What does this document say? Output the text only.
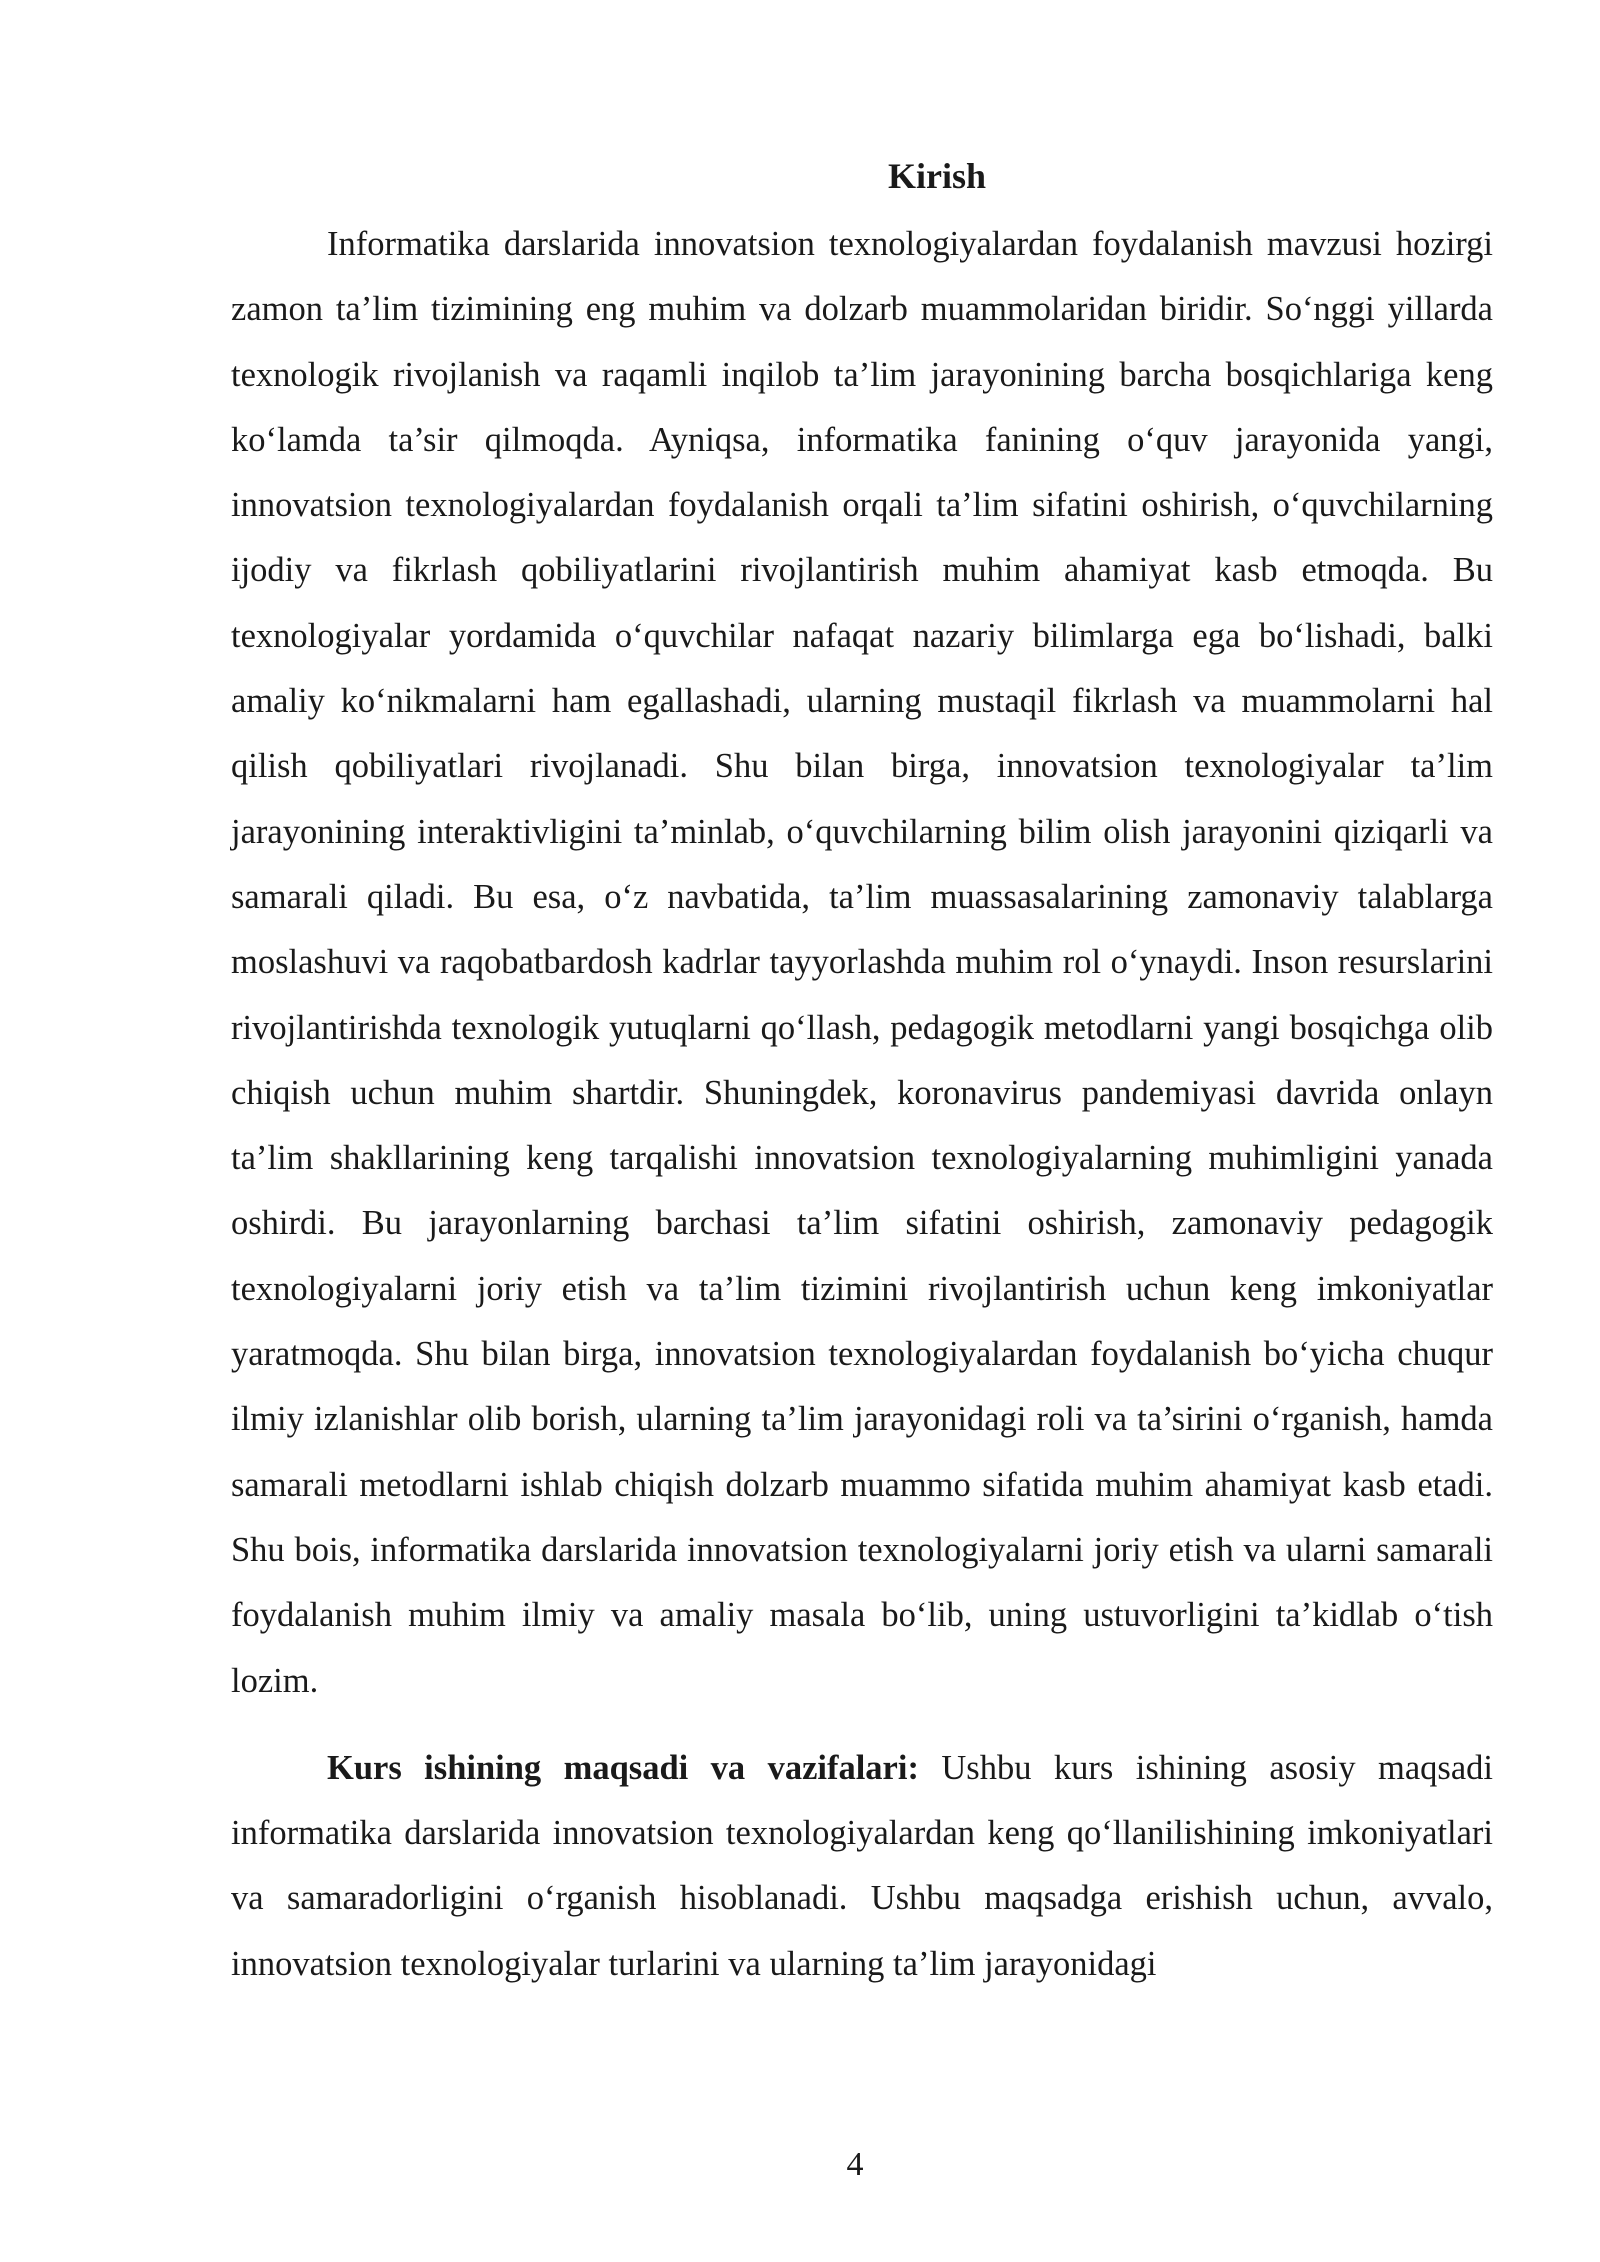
Kirish

Informatika darslarida innovatsion texnologiyalardan foydalanish mavzusi hozirgi zamon ta’lim tizimining eng muhim va dolzarb muammolaridan biridir. So‘nggi yillarda texnologik rivojlanish va raqamli inqilob ta’lim jarayonining barcha bosqichlariga keng ko‘lamda ta’sir qilmoqda. Ayniqsa, informatika fanining o‘quv jarayonida yangi, innovatsion texnologiyalardan foydalanish orqali ta’lim sifatini oshirish, o‘quvchilarning ijodiy va fikrlash qobiliyatlarini rivojlantirish muhim ahamiyat kasb etmoqda. Bu texnologiyalar yordamida o‘quvchilar nafaqat nazariy bilimlarga ega bo‘lishadi, balki amaliy ko‘nikmalarni ham egallashadi, ularning mustaqil fikrlash va muammolarni hal qilish qobiliyatlari rivojlanadi. Shu bilan birga, innovatsion texnologiyalar ta’lim jarayonining interaktivligini ta’minlab, o‘quvchilarning bilim olish jarayonini qiziqarli va samarali qiladi. Bu esa, o‘z navbatida, ta’lim muassasalarining zamonaviy talablarga moslashuvi va raqobatbardosh kadrlar tayyorlashda muhim rol o‘ynaydi. Inson resurslarini rivojlantirishda texnologik yutuqlarni qo‘llash, pedagogik metodlarni yangi bosqichga olib chiqish uchun muhim shartdir. Shuningdek, koronavirus pandemiyasi davrida onlayn ta’lim shakllarining keng tarqalishi innovatsion texnologiyalarning muhimligini yanada oshirdi. Bu jarayonlarning barchasi ta’lim sifatini oshirish, zamonaviy pedagogik texnologiyalarni joriy etish va ta’lim tizimini rivojlantirish uchun keng imkoniyatlar yaratmoqda. Shu bilan birga, innovatsion texnologiyalardan foydalanish bo‘yicha chuqur ilmiy izlanishlar olib borish, ularning ta’lim jarayonidagi roli va ta’sirini o‘rganish, hamda samarali metodlarni ishlab chiqish dolzarb muammo sifatida muhim ahamiyat kasb etadi. Shu bois, informatika darslarida innovatsion texnologiyalarni joriy etish va ularni samarali foydalanish muhim ilmiy va amaliy masala bo‘lib, uning ustuvorligini ta’kidlab o‘tish lozim.

Kurs ishining maqsadi va vazifalari: Ushbu kurs ishining asosiy maqsadi informatika darslarida innovatsion texnologiyalardan keng qo‘llanilishining imkoniyatlari va samaradorligini o‘rganish hisoblanadi. Ushbu maqsadga erishish uchun, avvalo, innovatsion texnologiyalar turlarini va ularning ta’lim jarayonidagi

4
